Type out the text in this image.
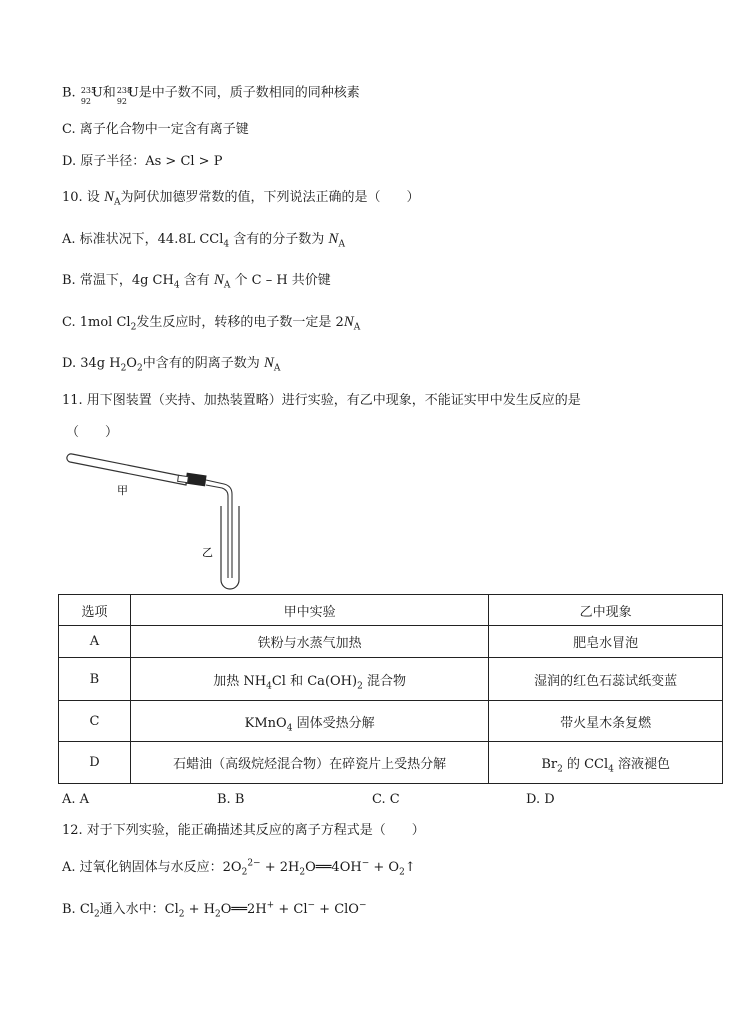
B. 235
92
U和 238
92
U是中子数不同，质子数相同的同种核素
C. 离子化合物中一定含有离子键
D. 原子半径：As > Cl > P
10. 设 $N_A$为阿伏加德罗常数的值，下列说法正确的是（　　）
A. 标准状况下，44.8L CCl$_4$ 含有的分子数为 $N_A$
B. 常温下，4g $CH_4$ 含有 $N_A$ 个 C – H 共价键
C. 1mol $Cl_2$发生反应时，转移的电子数一定是 $2N_A$
D. 34g $H_2O_2$中含有的阴离子数为 $N_A$
11. 用下图装置（夹持、加热装置略）进行实验，有乙中现象，不能证实甲中发生反应的是
（　　）
甲
乙
选项	甲中实验	乙中现象
A	铁粉与水蒸气加热	肥皂水冒泡
B	加热 $NH_4Cl$ 和 $Ca(OH)_2$ 混合物	湿润的红色石蕊试纸变蓝
C	KMnO$_4$ 固体受热分解	带火星木条复燃
D	石蜡油（高级烷烃混合物）在碎瓷片上受热分解	$Br_2$ 的 CCl$_4$ 溶液褪色
A. A	B. B	C. C	D. D
12. 对于下列实验，能正确描述其反应的离子方程式是（　　）
A. 过氧化钠固体与水反应：$2O_2^{2-}$ + $2H_2O══4OH^-$ + $O_2↑$
B. $Cl_2$通入水中：$Cl_2$ + $H_2O══2H^+ + Cl^- + ClO^-$
